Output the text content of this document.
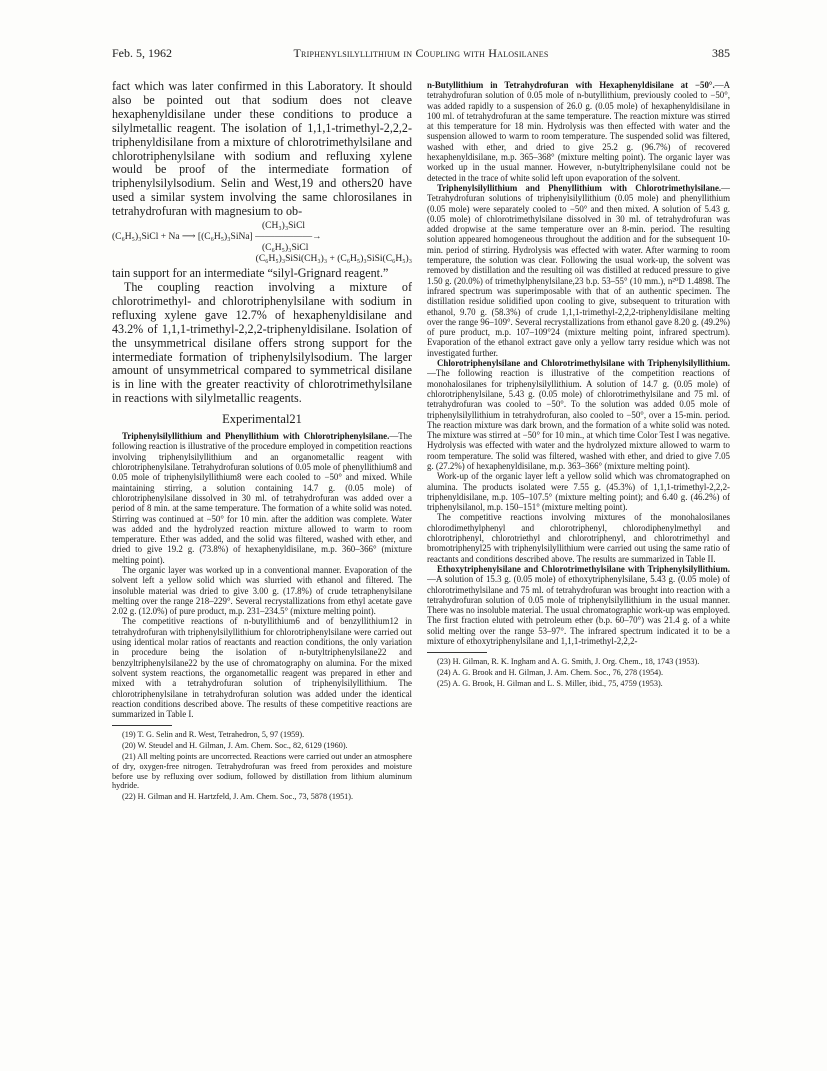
Feb. 5, 1962	Triphenylsilyllithium in Coupling with Halosilanes	385

fact which was later confirmed in this Laboratory. It should also be pointed out that sodium does not cleave hexaphenyldisilane under these conditions to produce a silylmetallic reagent. The isolation of 1,1,1-trimethyl-2,2,2-triphenyldisilane from a mixture of chlorotrimethylsilane and chlorotriphenylsilane with sodium and refluxing xylene would be proof of the intermediate formation of triphenylsilylsodium. Selin and West,19 and others20 have used a similar system involving the same chlorosilanes in tetrahydrofuran with magnesium to ob-

(CH₃)₃SiCl
(C₆H₅)₃SiCl + Na ⟶ [(C₆H₅)₃SiNa] ——————→
(C₆H₅)₃SiCl
(C₆H₅)₃SiSi(CH₃)₃ + (C₆H₅)₃SiSi(C₆H₅)₃

tain support for an intermediate “silyl-Grignard reagent.”

The coupling reaction involving a mixture of chlorotrimethyl- and chlorotriphenylsilane with sodium in refluxing xylene gave 12.7% of hexaphenyldisilane and 43.2% of 1,1,1-trimethyl-2,2,2-triphenyldisilane. Isolation of the unsymmetrical disilane offers strong support for the intermediate formation of triphenylsilylsodium. The larger amount of unsymmetrical compared to symmetrical disilane is in line with the greater reactivity of chlorotrimethylsilane in reactions with silylmetallic reagents.

Experimental21

Triphenylsilyllithium and Phenyllithium with Chlorotriphenylsilane.—The following reaction is illustrative of the procedure employed in competition reactions involving triphenylsilyllithium and an organometallic reagent with chlorotriphenylsilane. Tetrahydrofuran solutions of 0.05 mole of phenyllithium8 and 0.05 mole of triphenylsilyllithium8 were each cooled to −50° and mixed. While maintaining stirring, a solution containing 14.7 g. (0.05 mole) of chlorotriphenylsilane dissolved in 30 ml. of tetrahydrofuran was added over a period of 8 min. at the same temperature. The formation of a white solid was noted. Stirring was continued at −50° for 10 min. after the addition was complete. Water was added and the hydrolyzed reaction mixture allowed to warm to room temperature. Ether was added, and the solid was filtered, washed with ether, and dried to give 19.2 g. (73.8%) of hexaphenyldisilane, m.p. 360–366° (mixture melting point).

The organic layer was worked up in a conventional manner. Evaporation of the solvent left a yellow solid which was slurried with ethanol and filtered. The insoluble material was dried to give 3.00 g. (17.8%) of crude tetraphenylsilane melting over the range 218–229°. Several recrystallizations from ethyl acetate gave 2.02 g. (12.0%) of pure product, m.p. 231–234.5° (mixture melting point).

The competitive reactions of n-butyllithium6 and of benzyllithium12 in tetrahydrofuran with triphenylsilyllithium for chlorotriphenylsilane were carried out using identical molar ratios of reactants and reaction conditions, the only variation in procedure being the isolation of n-butyltriphenylsilane22 and benzyltriphenylsilane22 by the use of chromatography on alumina. For the mixed solvent system reactions, the organometallic reagent was prepared in ether and mixed with a tetrahydrofuran solution of triphenylsilyllithium. The chlorotriphenylsilane in tetrahydrofuran solution was added under the identical reaction conditions described above. The results of these competitive reactions are summarized in Table I.

(19) T. G. Selin and R. West, Tetrahedron, 5, 97 (1959).

(20) W. Steudel and H. Gilman, J. Am. Chem. Soc., 82, 6129 (1960).

(21) All melting points are uncorrected. Reactions were carried out under an atmosphere of dry, oxygen-free nitrogen. Tetrahydrofuran was freed from peroxides and moisture before use by refluxing over sodium, followed by distillation from lithium aluminum hydride.

(22) H. Gilman and H. Hartzfeld, J. Am. Chem. Soc., 73, 5878 (1951).

n-Butyllithium in Tetrahydrofuran with Hexaphenyldisilane at −50°.—A tetrahydrofuran solution of 0.05 mole of n-butyllithium, previously cooled to −50°, was added rapidly to a suspension of 26.0 g. (0.05 mole) of hexaphenyldisilane in 100 ml. of tetrahydrofuran at the same temperature. The reaction mixture was stirred at this temperature for 18 min. Hydrolysis was then effected with water and the suspension allowed to warm to room temperature. The suspended solid was filtered, washed with ether, and dried to give 25.2 g. (96.7%) of recovered hexaphenyldisilane, m.p. 365–368° (mixture melting point). The organic layer was worked up in the usual manner. However, n-butyltriphenylsilane could not be detected in the trace of white solid left upon evaporation of the solvent.

Triphenylsilyllithium and Phenyllithium with Chlorotrimethylsilane.—Tetrahydrofuran solutions of triphenylsilyllithium (0.05 mole) and phenyllithium (0.05 mole) were separately cooled to −50° and then mixed. A solution of 5.43 g. (0.05 mole) of chlorotrimethylsilane dissolved in 30 ml. of tetrahydrofuran was added dropwise at the same temperature over an 8-min. period. The resulting solution appeared homogeneous throughout the addition and for the subsequent 10-min. period of stirring. Hydrolysis was effected with water. After warming to room temperature, the solution was clear. Following the usual work-up, the solvent was removed by distillation and the resulting oil was distilled at reduced pressure to give 1.50 g. (20.0%) of trimethylphenylsilane,23 b.p. 53–55° (10 mm.), n²⁰D 1.4898. The infrared spectrum was superimposable with that of an authentic specimen. The distillation residue solidified upon cooling to give, subsequent to trituration with ethanol, 9.70 g. (58.3%) of crude 1,1,1-trimethyl-2,2,2-triphenyldisilane melting over the range 96–109°. Several recrystallizations from ethanol gave 8.20 g. (49.2%) of pure product, m.p. 107–109°24 (mixture melting point, infrared spectrum). Evaporation of the ethanol extract gave only a yellow tarry residue which was not investigated further.

Chlorotriphenylsilane and Chlorotrimethylsilane with Triphenylsilyllithium.—The following reaction is illustrative of the competition reactions of monohalosilanes for triphenylsilyllithium. A solution of 14.7 g. (0.05 mole) of chlorotriphenylsilane, 5.43 g. (0.05 mole) of chlorotrimethylsilane and 75 ml. of tetrahydrofuran was cooled to −50°. To the solution was added 0.05 mole of triphenylsilyllithium in tetrahydrofuran, also cooled to −50°, over a 15-min. period. The reaction mixture was dark brown, and the formation of a white solid was noted. The mixture was stirred at −50° for 10 min., at which time Color Test I was negative. Hydrolysis was effected with water and the hydrolyzed mixture allowed to warm to room temperature. The solid was filtered, washed with ether, and dried to give 7.05 g. (27.2%) of hexaphenyldisilane, m.p. 363–366° (mixture melting point).

Work-up of the organic layer left a yellow solid which was chromatographed on alumina. The products isolated were 7.55 g. (45.3%) of 1,1,1-trimethyl-2,2,2-triphenyldisilane, m.p. 105–107.5° (mixture melting point); and 6.40 g. (46.2%) of triphenylsilanol, m.p. 150–151° (mixture melting point).

The competitive reactions involving mixtures of the monohalosilanes chlorodimethylphenyl and chlorotriphenyl, chlorodiphenylmethyl and chlorotriphenyl, chlorotriethyl and chlorotriphenyl, and chlorotrimethyl and bromotriphenyl25 with triphenylsilyllithium were carried out using the same ratio of reactants and conditions described above. The results are summarized in Table II.

Ethoxytriphenylsilane and Chlorotrimethylsilane with Triphenylsilyllithium.—A solution of 15.3 g. (0.05 mole) of ethoxytriphenylsilane, 5.43 g. (0.05 mole) of chlorotrimethylsilane and 75 ml. of tetrahydrofuran was brought into reaction with a tetrahydrofuran solution of 0.05 mole of triphenylsilyllithium in the usual manner. There was no insoluble material. The usual chromatographic work-up was employed. The first fraction eluted with petroleum ether (b.p. 60–70°) was 21.4 g. of a white solid melting over the range 53–97°. The infrared spectrum indicated it to be a mixture of ethoxytriphenylsilane and 1,1,1-trimethyl-2,2,2-

(23) H. Gilman, R. K. Ingham and A. G. Smith, J. Org. Chem., 18, 1743 (1953).

(24) A. G. Brook and H. Gilman, J. Am. Chem. Soc., 76, 278 (1954).

(25) A. G. Brook, H. Gilman and L. S. Miller, ibid., 75, 4759 (1953).
